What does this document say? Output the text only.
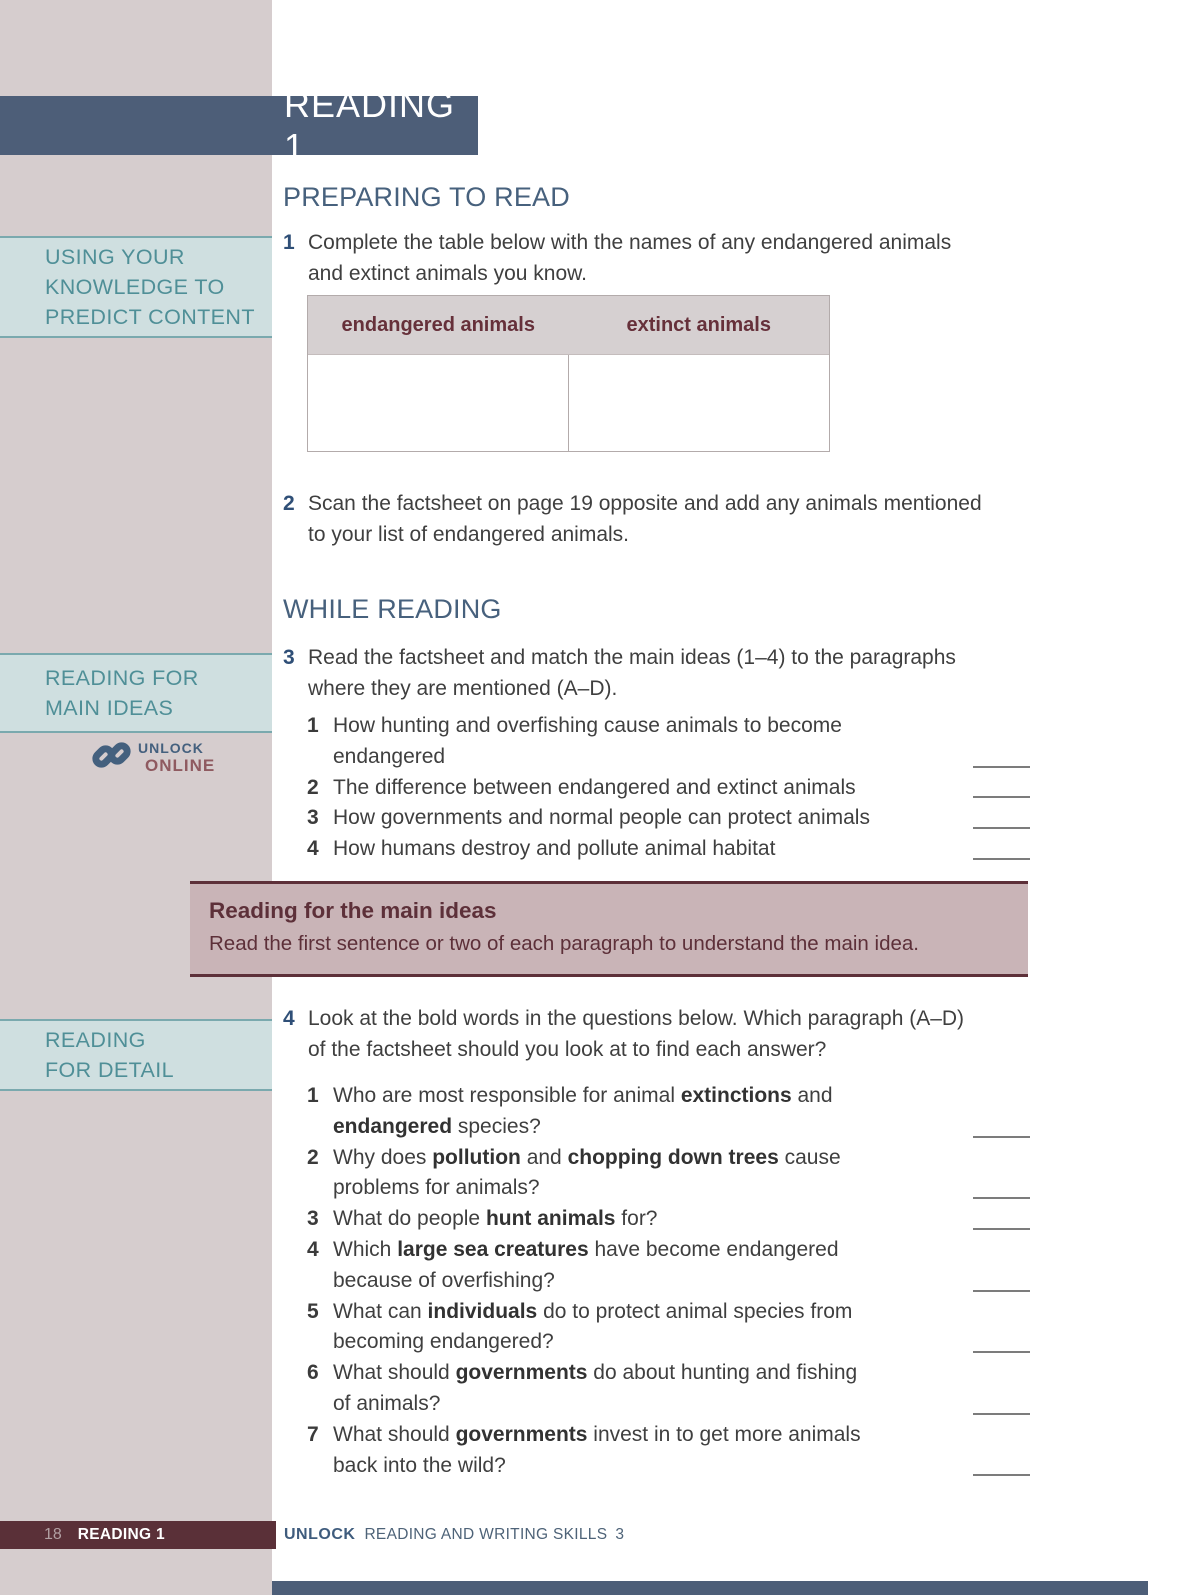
READING 1
USING YOUR
KNOWLEDGE TO
PREDICT CONTENT
READING FOR
MAIN IDEAS
READING
FOR DETAIL
UNLOCK
ONLINE
PREPARING TO READ
WHILE READING
1 Complete the table below with the names of any endangered animals
and extinct animals you know.
endangered animals	extinct animals
2 Scan the factsheet on page 19 opposite and add any animals mentioned
to your list of endangered animals.
3 Read the factsheet and match the main ideas (1–4) to the paragraphs
where they are mentioned (A–D).
1 How hunting and overfishing cause animals to become
endangered
2 The difference between endangered and extinct animals
3 How governments and normal people can protect animals
4 How humans destroy and pollute animal habitat
Reading for the main ideas
Read the first sentence or two of each paragraph to understand the main idea.
4 Look at the bold words in the questions below. Which paragraph (A–D)
of the factsheet should you look at to find each answer?
1 Who are most responsible for animal extinctions and
endangered species?
2 Why does pollution and chopping down trees cause
problems for animals?
3 What do people hunt animals for?
4 Which large sea creatures have become endangered
because of overfishing?
5 What can individuals do to protect animal species from
becoming endangered?
6 What should governments do about hunting and fishing
of animals?
7 What should governments invest in to get more animals
back into the wild?
18 READING 1	UNLOCK READING AND WRITING SKILLS 3
